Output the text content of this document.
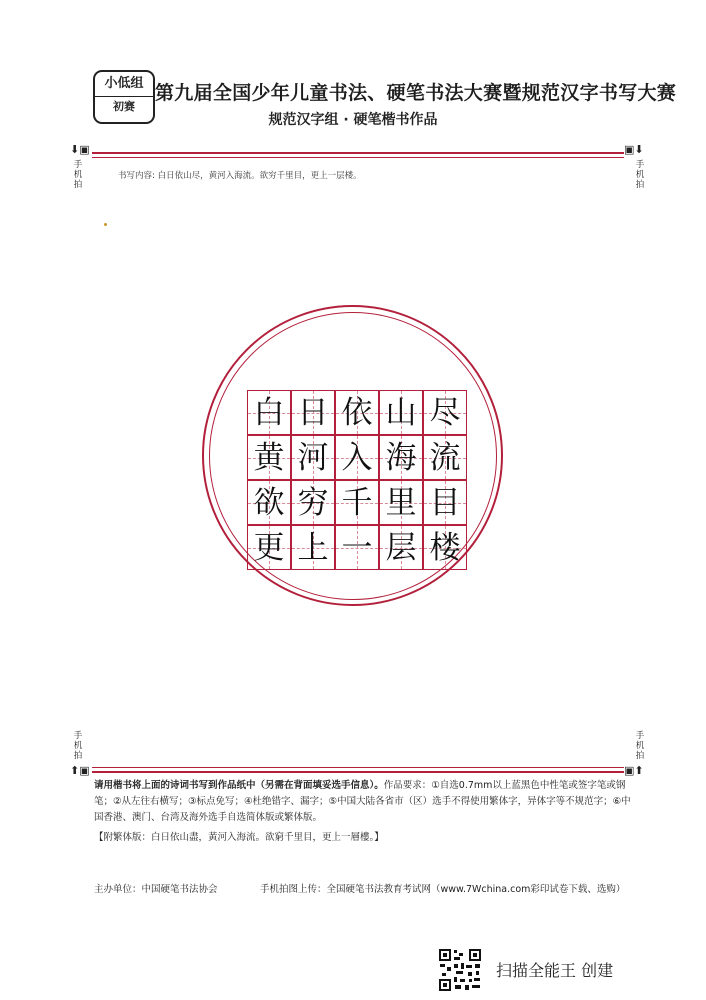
小低组
初赛
第九届全国少年儿童书法、硬笔书法大赛暨规范汉字书写大赛
规范汉字组 · 硬笔楷书作品
⬇▣
手机拍
▣⬇
手机拍
书写内容: 白日依山尽，黄河入海流。欲穷千里目，更上一层楼。
白 日 依 山 尽
黄 河 入 海 流
欲 穷 千 里 目
更 上 一 层 楼
手机拍
⬆▣
手机拍
▣⬆
请用楷书将上面的诗词书写到作品纸中（另需在背面填妥选手信息）。作品要求：①自选0.7mm以上蓝黑色中性笔或签字笔或钢笔；②从左往右横写；③标点免写；④杜绝错字、漏字；⑤中国大陆各省市（区）选手不得使用繁体字，异体字等不规范字；⑥中国香港、澳门、台湾及海外选手自选简体版或繁体版。
【附繁体版：白日依山盡，黃河入海流。欲窮千里目，更上一層樓。】
主办单位：中国硬笔书法协会	手机拍图上传：全国硬笔书法教育考试网（www.7Wchina.com彩印试卷下载、选购）
扫描全能王 创建
